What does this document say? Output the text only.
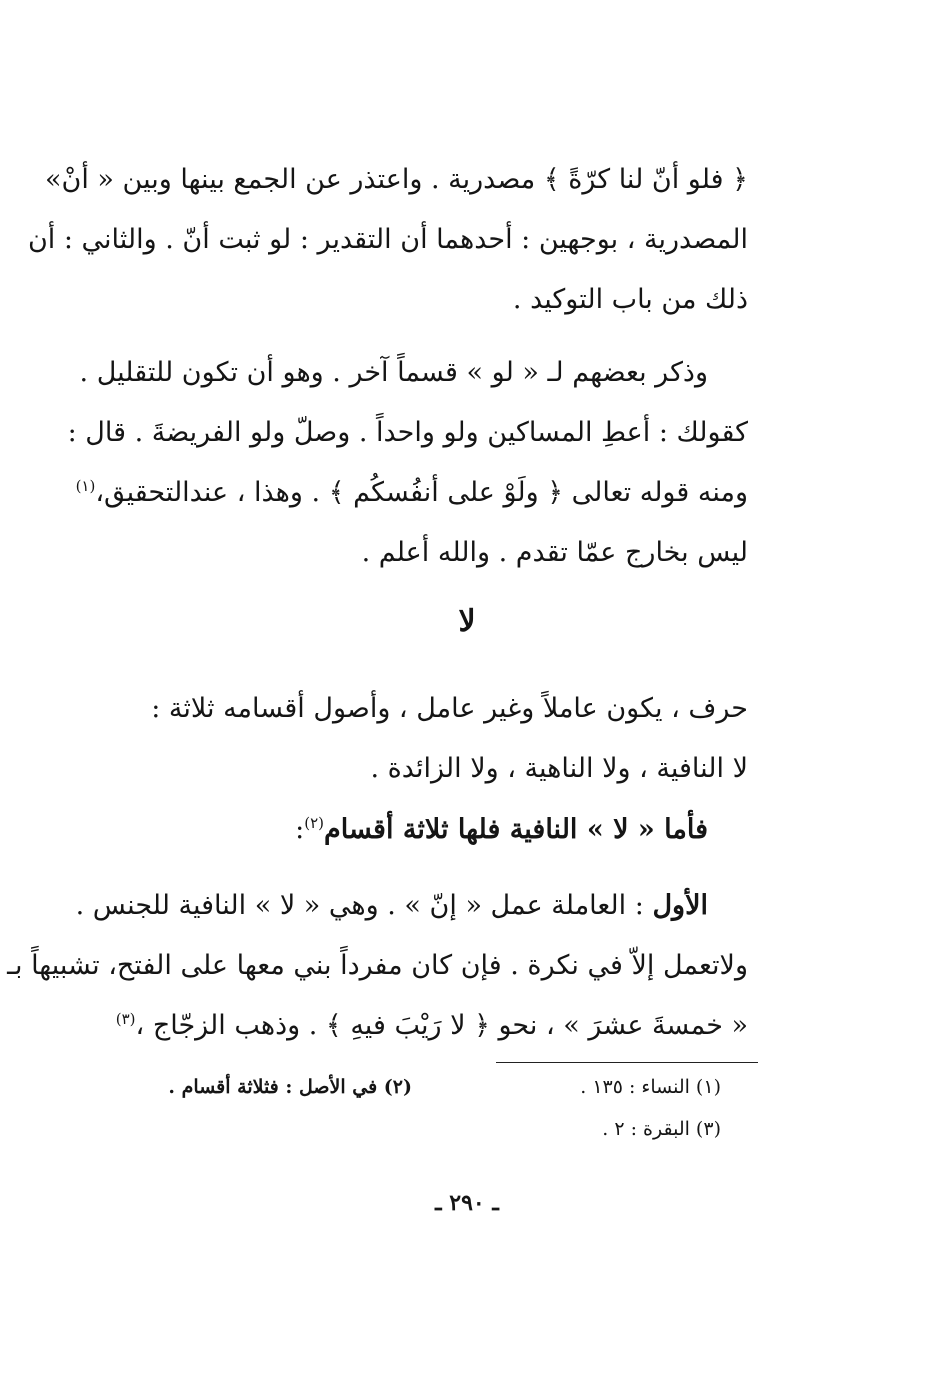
﴿ فلو أنّ لنا كرّةً ﴾ مصدرية . واعتذر عن الجمع بينها وبين « أنْ»
المصدرية ، بوجهين : أحدهما أن التقدير : لو ثبت أنّ . والثاني : أن
ذلك من باب التوكيد .
وذكر بعضهم لـ « لو » قسماً آخر . وهو أن تكون للتقليل .
كقولك : أعطِ المساكين ولو واحداً . وصلّ ولو الفريضةَ . قال :
ومنه قوله تعالى ﴿ ولَوْ على أنفُسكُم ﴾ . وهذا ، عندالتحقيق،$^{(١)}$
ليس بخارج عمّا تقدم . والله أعلم .
لا
حرف ، يكون عاملاً وغير عامل ، وأصول أقسامه ثلاثة :
لا النافية ، ولا الناهية ، ولا الزائدة .
فأما « لا » النافية فلها ثلاثة أقسام$^{(٢)}$:
الأول : العاملة عمل « إنّ » . وهي « لا » النافية للجنس .
ولاتعمل إلاّ في نكرة . فإن كان مفرداً بني معها على الفتح، تشبيهاً بـ
« خمسةَ عشرَ » ، نحو ﴿ لا رَيْبَ فيهِ ﴾ . وذهب الزجّاج ،$^{(٣)}$
(١) النساء : ١٣٥ .
(٢) في الأصل : فثلاثة أقسام .
(٣) البقرة : ٢ .
ـ ٢٩٠ ـ
